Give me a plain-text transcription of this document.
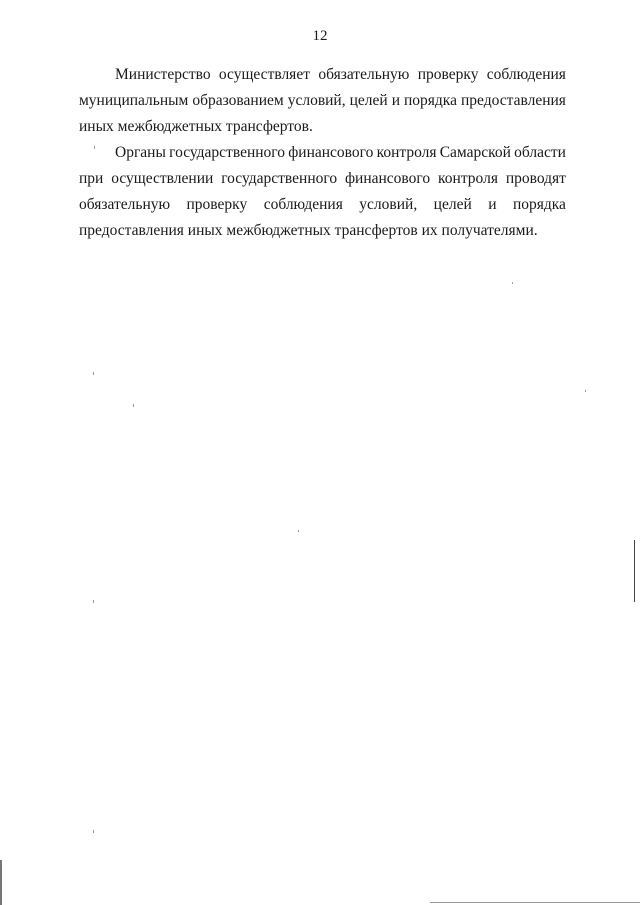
12
Министерство осуществляет обязательную проверку соблюдения
муниципальным образованием условий, целей и порядка предоставления
иных межбюджетных трансфертов.
Органы государственного финансового контроля Самарской области
при осуществлении государственного финансового контроля проводят
обязательную проверку соблюдения условий, целей и порядка
предоставления иных межбюджетных трансфертов их получателями.
